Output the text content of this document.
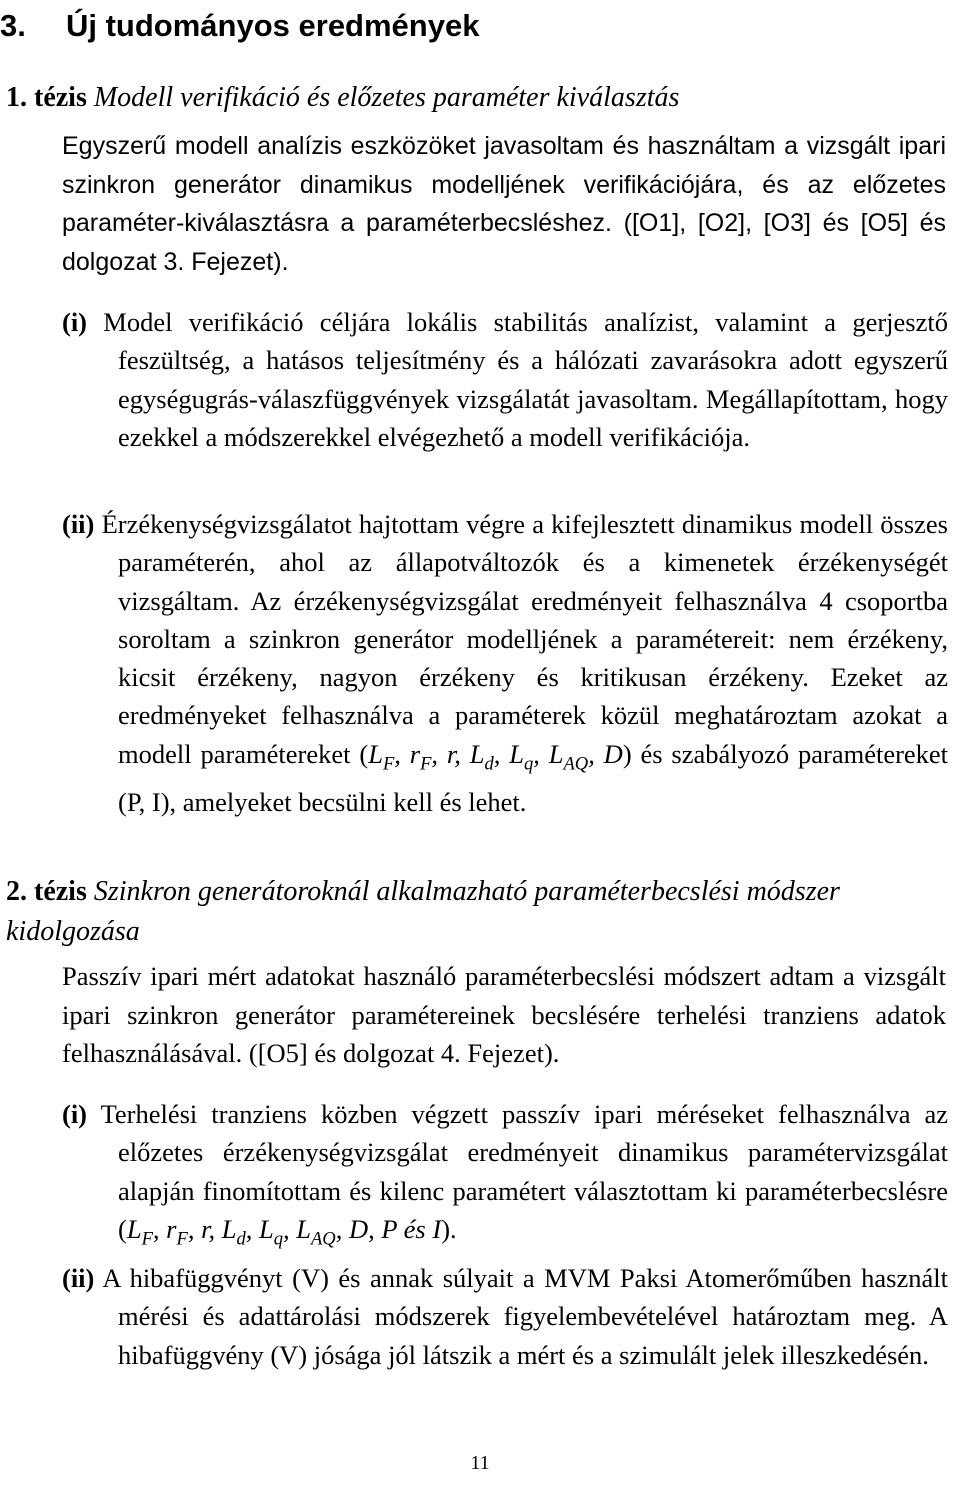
3. Új tudományos eredmények

1. tézis Modell verifikáció és előzetes paraméter kiválasztás

Egyszerű modell analízis eszközöket javasoltam és használtam a vizsgált ipari szinkron generátor dinamikus modelljének verifikációjára, és az előzetes paraméter-kiválasztásra a paraméterbecsléshez. ([O1], [O2], [O3] és [O5] és dolgozat 3. Fejezet).

(i) Model verifikáció céljára lokális stabilitás analízist, valamint a gerjesztő feszültség, a hatásos teljesítmény és a hálózati zavarásokra adott egyszerű egységugrás-válaszfüggvények vizsgálatát javasoltam. Megállapítottam, hogy ezekkel a módszerekkel elvégezhető a modell verifikációja.

(ii) Érzékenységvizsgálatot hajtottam végre a kifejlesztett dinamikus modell összes paraméterén, ahol az állapotváltozók és a kimenetek érzékenységét vizsgáltam. Az érzékenységvizsgálat eredményeit felhasználva 4 csoportba soroltam a szinkron generátor modelljének a paramétereit: nem érzékeny, kicsit érzékeny, nagyon érzékeny és kritikusan érzékeny. Ezeket az eredményeket felhasználva a paraméterek közül meghatároztam azokat a modell paramétereket ($L_F$, $r_F$, r, $L_d$, $L_q$, $L_{AQ}$, D) és szabályozó paramétereket (P, I), amelyeket becsülni kell és lehet.

2. tézis Szinkron generátoroknál alkalmazható paraméterbecslési módszer kidolgozása

Passzív ipari mért adatokat használó paraméterbecslési módszert adtam a vizsgált ipari szinkron generátor paramétereinek becslésére terhelési tranziens adatok felhasználásával. ([O5] és dolgozat 4. Fejezet).

(i) Terhelési tranziens közben végzett passzív ipari méréseket felhasználva az előzetes érzékenységvizsgálat eredményeit dinamikus paramétervizsgálat alapján finomítottam és kilenc paramétert választottam ki paraméterbecslésre ($L_F$, $r_F$, r, $L_d$, $L_q$, $L_{AQ}$, D, P és I).

(ii) A hibafüggvényt (V) és annak súlyait a MVM Paksi Atomerőműben használt mérési és adattárolási módszerek figyelembevételével határoztam meg. A hibafüggvény (V) jósága jól látszik a mért és a szimulált jelek illeszkedésén.

11
